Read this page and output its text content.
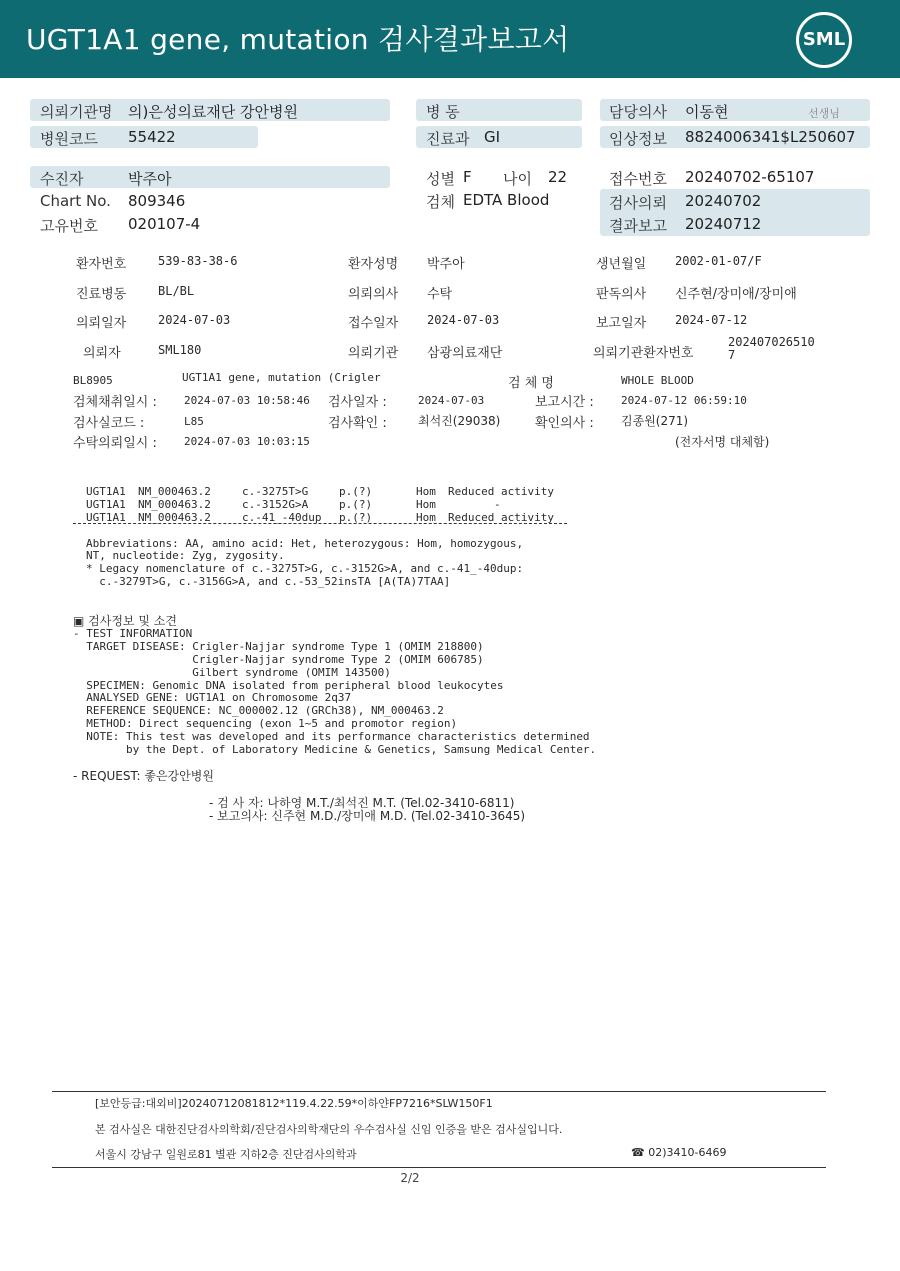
UGT1A1 gene, mutation 검사결과보고서	SML
의뢰기관명 의)은성의료재단 강안병원
병원코드 55422
수진자	박주아
Chart No. 809346
고유번호 020107-4
병 동
진료과 GI
성별 F 나이 22
검체 EDTA Blood
담당의사 이동현	선생님
임상정보 8824006341$L250607
접수번호 20240702-65107
검사의뢰 20240702
결과보고 20240712
환자번호	539-83-38-6	환자성명 박주아	생년월일 2002-01-07/F
진료병동	BL/BL	의뢰의사 수탁	판독의사 신주현/장미애/장미애
의뢰일자	2024-07-03	접수일자 2024-07-03	보고일자 2024-07-12
의뢰자	SML180	의뢰기관 삼광의료재단	의뢰기관환자번호
202407026510
7
BL8905	UGT1A1 gene, mutation (Crigler	검 체 명	WHOLE BLOOD
검체채취일시 : 2024-07-03 10:58:46 검사일자 :	2024-07-03	보고시간 : 2024-07-12 06:59:10
검사실코드 :	L85	검사확인 :	최석진(29038)	확인의사 : 김종원(271)
수탁의뢰일시 : 2024-07-03 10:03:15	(전자서명 대체함)
UGT1A1 NM_000463.2	c.-3275T>G	p.(?)	Hom Reduced activity
UGT1A1 NM_000463.2	c.-3152G>A	p.(?)	Hom	-
UGT1A1 NM_000463.2	c.-41_-40dup p.(?)	Hom Reduced activity
Abbreviations: AA, amino acid: Het, heterozygous: Hom, homozygous,
NT, nucleotide: Zyg, zygosity.
* Legacy nomenclature of c.-3275T>G, c.-3152G>A, and c.-41_-40dup:
c.-3279T>G, c.-3156G>A, and c.-53_52insTA [A(TA)7TAA]
▣ 검사정보 및 소견
- TEST INFORMATION
TARGET DISEASE: Crigler-Najjar syndrome Type 1 (OMIM 218800)
Crigler-Najjar syndrome Type 2 (OMIM 606785)
Gilbert syndrome (OMIM 143500)
SPECIMEN: Genomic DNA isolated from peripheral blood leukocytes
ANALYSED GENE: UGT1A1 on Chromosome 2q37
REFERENCE SEQUENCE: NC_000002.12 (GRCh38), NM_000463.2
METHOD: Direct sequencing (exon 1~5 and promotor region)
NOTE: This test was developed and its performance characteristics determined
by the Dept. of Laboratory Medicine & Genetics, Samsung Medical Center.
- REQUEST: 좋은강안병원
- 검 사 자: 나하영 M.T./최석진 M.T. (Tel.02-3410-6811)
- 보고의사: 신주현 M.D./장미애 M.D. (Tel.02-3410-3645)
[보안등급:대외비]20240712081812*119.4.22.59*이하얀FP7216*SLW150F1
본 검사실은 대한진단검사의학회/진단검사의학재단의 우수검사실 신임 인증을 받은 검사실입니다.
서울시 강남구 일원로81 별관 지하2층 진단검사의학과	☎ 02)3410-6469
2/2
